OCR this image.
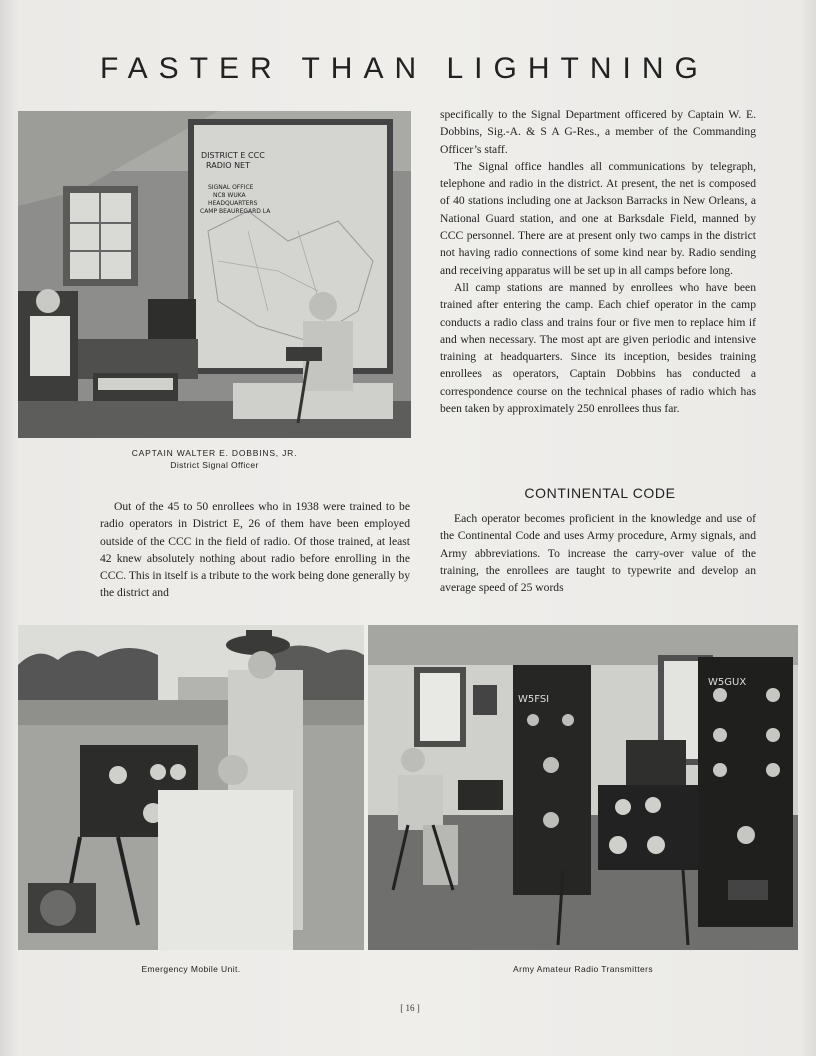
FASTER THAN LIGHTNING
DISTRICT E CCC
RADIO NET
SIGNAL OFFICE
NC8 WUKA
HEADQUARTERS
CAMP BEAUREGARD LA
CAPTAIN WALTER E. DOBBINS, JR.
District Signal Officer

specifically to the Signal Department officered by Captain W. E. Dobbins, Sig.-A. & S A G-Res., a member of the Commanding Officer’s staff.

The Signal office handles all communications by telegraph, telephone and radio in the district. At present, the net is composed of 40 stations including one at Jackson Barracks in New Orleans, a National Guard station, and one at Barksdale Field, manned by CCC personnel. There are at present only two camps in the district not having radio connections of some kind near by. Radio sending and receiving apparatus will be set up in all camps before long.

All camp stations are manned by enrollees who have been trained after entering the camp. Each chief operator in the camp conducts a radio class and trains four or five men to replace him if and when necessary. The most apt are given periodic and intensive training at headquarters. Since its inception, besides training enrollees as operators, Captain Dobbins has conducted a correspondence course on the technical phases of radio which has been taken by approximately 250 enrollees thus far.

CONTINENTAL CODE

Each operator becomes proficient in the knowledge and use of the Continental Code and uses Army procedure, Army signals, and Army abbreviations. To increase the carry-over value of the training, the enrollees are taught to typewrite and develop an average speed of 25 words

Out of the 45 to 50 enrollees who in 1938 were trained to be radio operators in District E, 26 of them have been employed outside of the CCC in the field of radio. Of those trained, at least 42 knew absolutely nothing about radio before enrolling in the CCC. This in itself is a tribute to the work being done generally by the district and

Emergency Mobile Unit.
W5FSI
W5GUX
Army Amateur Radio Transmitters
[ 16 ]
